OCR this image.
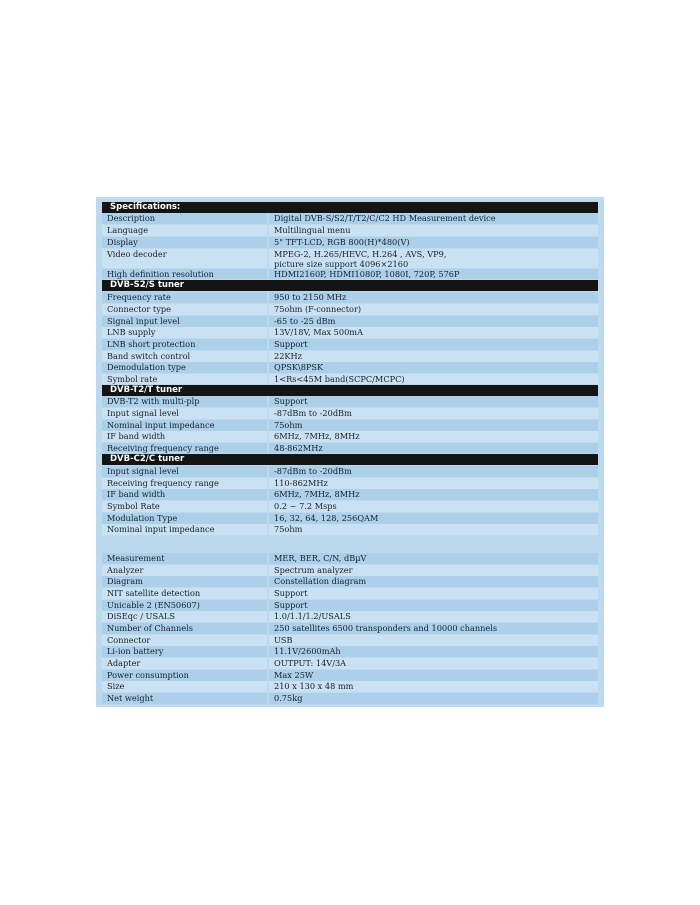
Specifications:
Description	Digital DVB-S/S2/T/T2/C/C2 HD Measurement device
Language	Multilingual menu
Display	5" TFT-LCD, RGB 800(H)*480(V)
Video decoder	MPEG-2, H.265/HEVC, H.264 , AVS, VP9,
picture size support 4096×2160
High definition resolution	HDMI2160P, HDMI1080P, 1080I, 720P, 576P
DVB-S2/S tuner
Frequency rate	950 to 2150 MHz
Connector type	75ohm (F-connector)
Signal input level	-65 to -25 dBm
LNB supply	13V/18V, Max 500mA
LNB short protection	Support
Band switch control	22KHz
Demodulation type	QPSK\8PSK
Symbol rate	1<Rs<45M band(SCPC/MCPC)
DVB-T2/T tuner
DVB-T2 with multi-plp	Support
Input signal level	-87dBm to -20dBm
Nominal input impedance	75ohm
IF band width	6MHz, 7MHz, 8MHz
Receiving frequency range	48-862MHz
DVB-C2/C tuner
Input signal level	-87dBm to -20dBm
Receiving frequency range	110-862MHz
IF band width	6MHz, 7MHz, 8MHz
Symbol Rate	0.2 ~ 7.2 Msps
Modulation Type	16, 32, 64, 128, 256QAM
Nominal input impedance	75ohm
Measurement	MER, BER, C/N, dBµV
Analyzer	Spectrum analyzer
Diagram	Constellation diagram
NIT satellite detection	Support
Unicable 2 (EN50607)	Support
DiSEqc / USALS	1.0/1.1/1.2/USALS
Number of Channels	250 satellites 6500 transponders and 10000 channels
Connector	USB
Li-ion battery	11.1V/2600mAh
Adapter	OUTPUT: 14V/3A
Power consumption	Max 25W
Size	210 x 130 x 48 mm
Net weight	0.75kg
